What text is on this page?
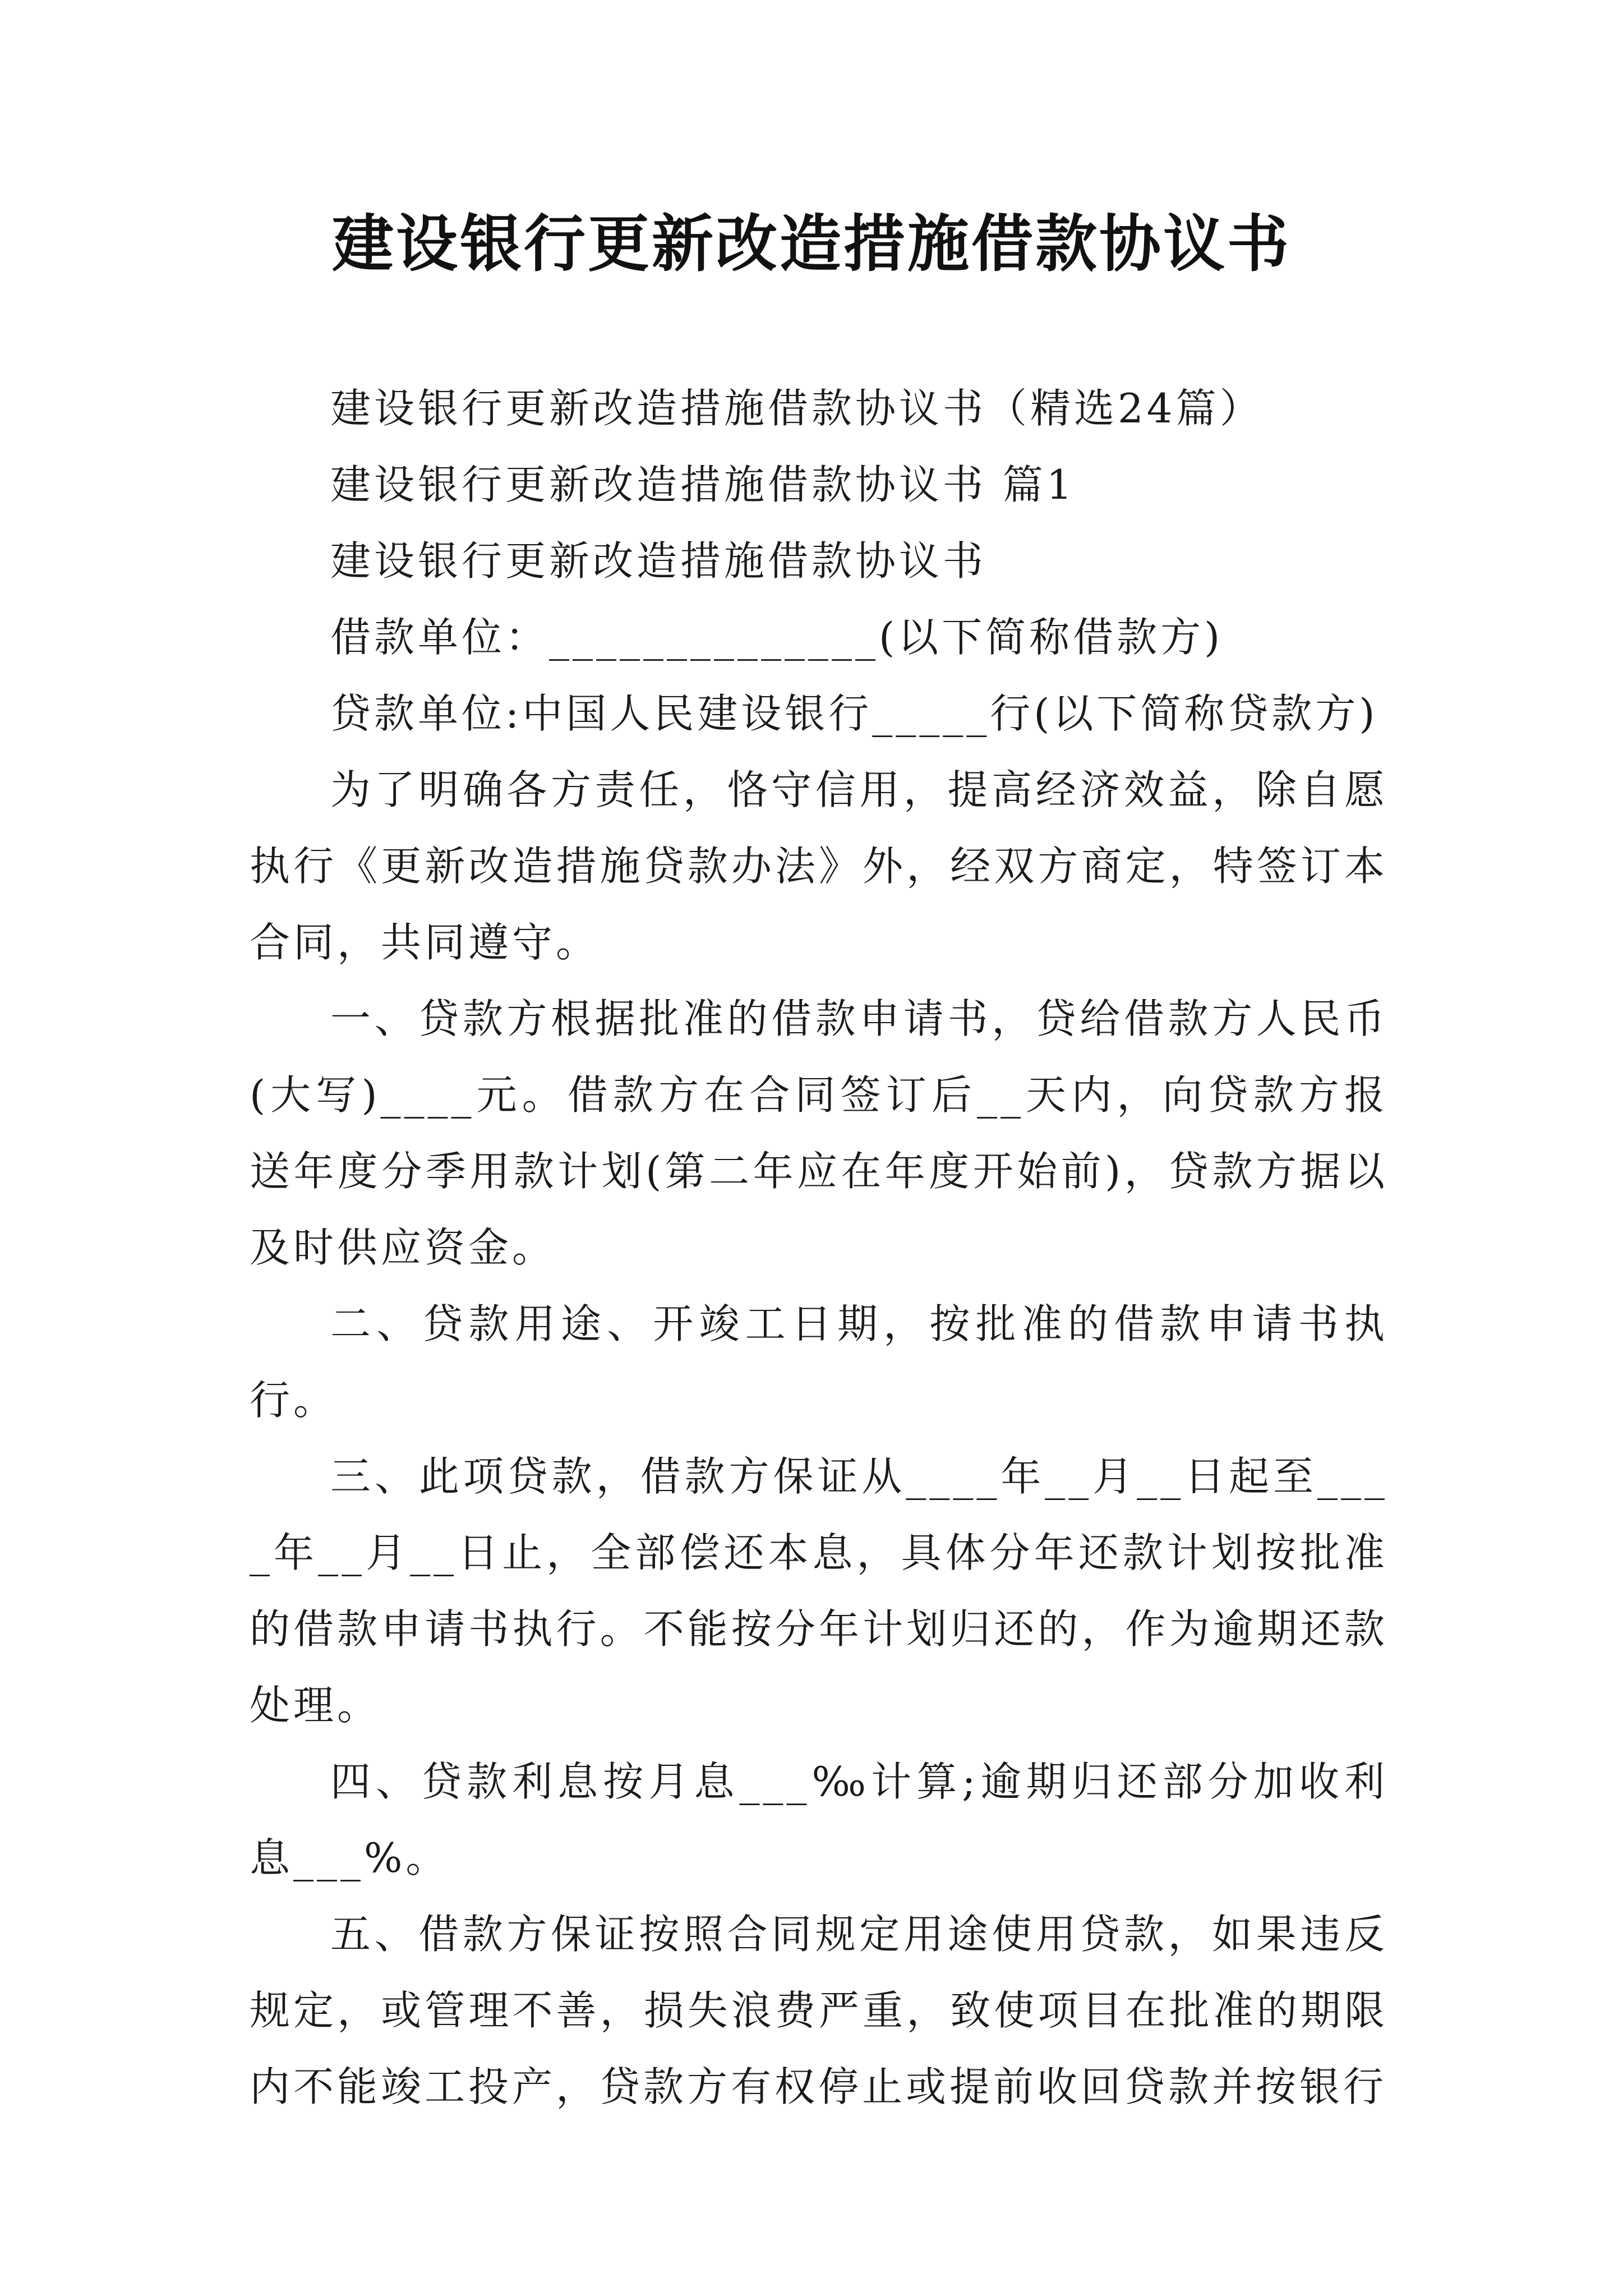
建设银行更新改造措施借款协议书

建设银行更新改造措施借款协议书（精选24篇）

建设银行更新改造措施借款协议书 篇1

建设银行更新改造措施借款协议书

借款单位：______________(以下简称借款方)

贷款单位:中国人民建设银行_____行(以下简称贷款方)

为了明确各方责任，恪守信用，提高经济效益，除自愿执行《更新改造措施贷款办法》外，经双方商定，特签订本合同，共同遵守。

一、贷款方根据批准的借款申请书，贷给借款方人民币(大写)____元。借款方在合同签订后__天内，向贷款方报送年度分季用款计划(第二年应在年度开始前)，贷款方据以及时供应资金。

二、贷款用途、开竣工日期，按批准的借款申请书执行。

三、此项贷款，借款方保证从____年__月__日起至____年__月__日止，全部偿还本息，具体分年还款计划按批准的借款申请书执行。不能按分年计划归还的，作为逾期还款处理。

四、贷款利息按月息___‰计算;逾期归还部分加收利息___%。

五、借款方保证按照合同规定用途使用贷款，如果违反规定，或管理不善，损失浪费严重，致使项目在批准的期限内不能竣工投产，贷款方有权停止或提前收回贷款并按银行
